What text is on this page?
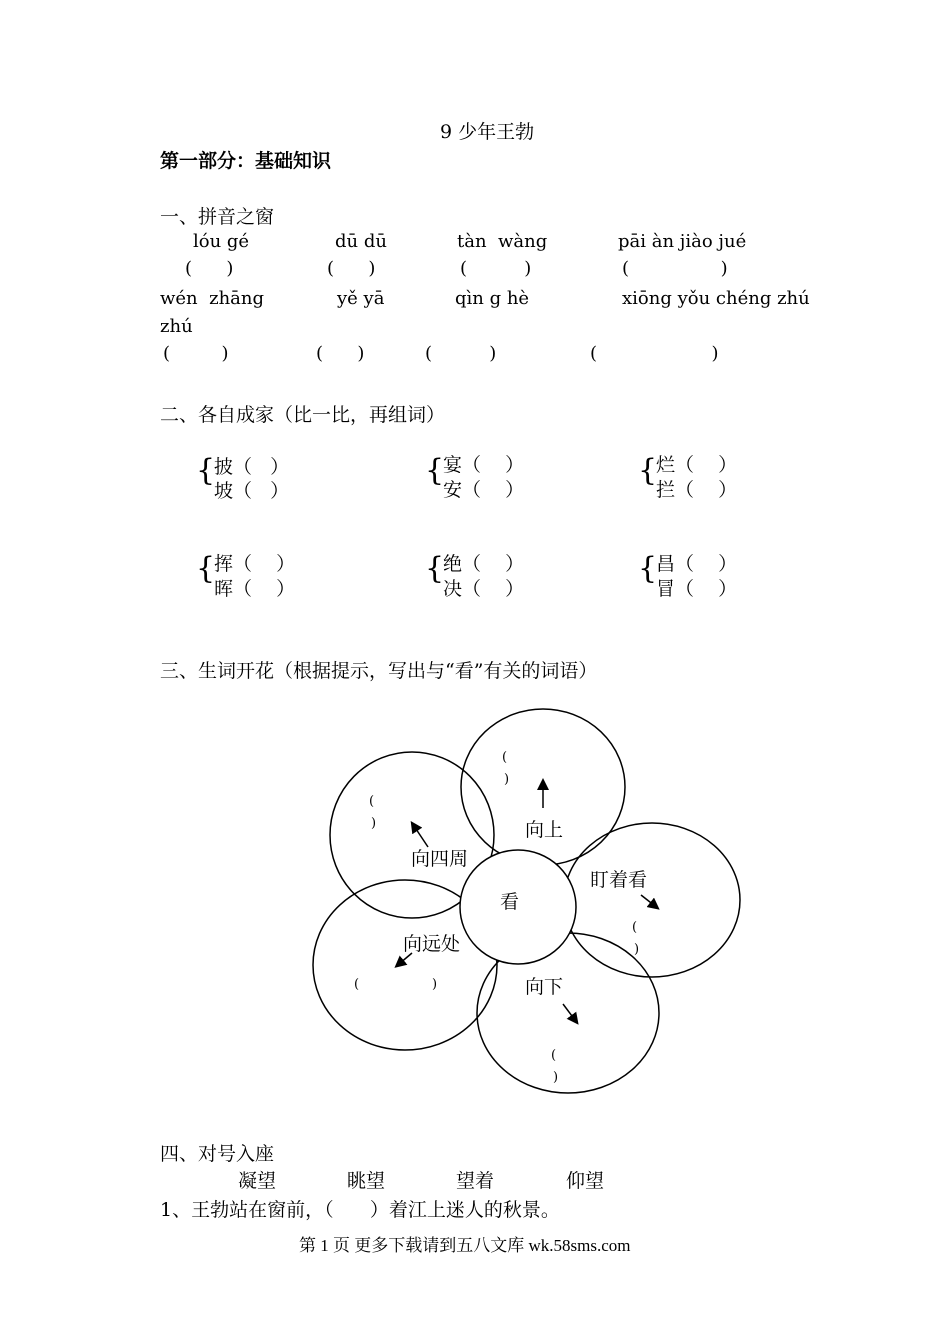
9 少年王勃
第一部分：基础知识
一、拼音之窗
lóu gé	dū dū	tàn  wàng	pāi àn jiào jué
(      )	(      )	(          )	(                )
wén  zhāng	yě yā	qìn g hè	xiōng yǒu chéng zhú
zhú
(         )	(      )	(          )	(                    )
二、各自成家（比一比，再组词）
{
披（   ）
坡（   ）
{
宴（    ）
安（    ）
{
烂（    ）
拦（    ）
{
挥（    ）
晖（    ）
{
绝（    ）
决（    ）
{
昌（    ）
冒（    ）
三、生词开花（根据提示，写出与“看”有关的词语）
看
向上
向四周
盯着看
向远处
向下
(
)
(
)
(
)
(	)
(
)
四、对号入座
凝望	眺望	望着	仰望
1、王勃站在窗前，（      ）着江上迷人的秋景。
第 1 页 更多下载请到五八文库 wk.58sms.com
